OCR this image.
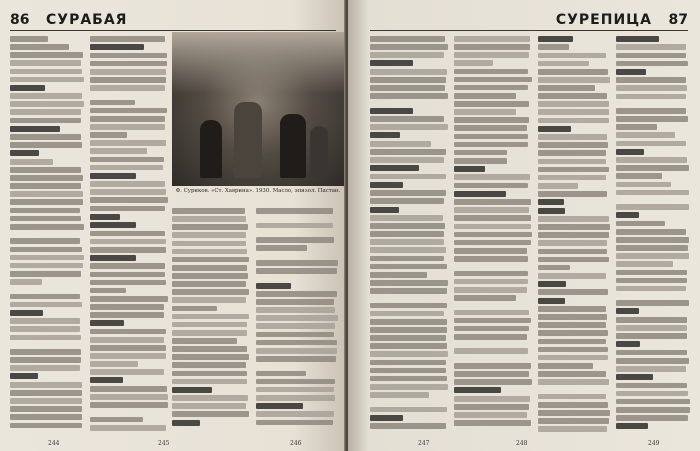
86 СУРАБАЯ
Ф. Суриков. «Ст. Хаврина». 1930. Масло, эпизол. Пастан.
244	245	246
СУРЕПИЦА 87
247	248	249
